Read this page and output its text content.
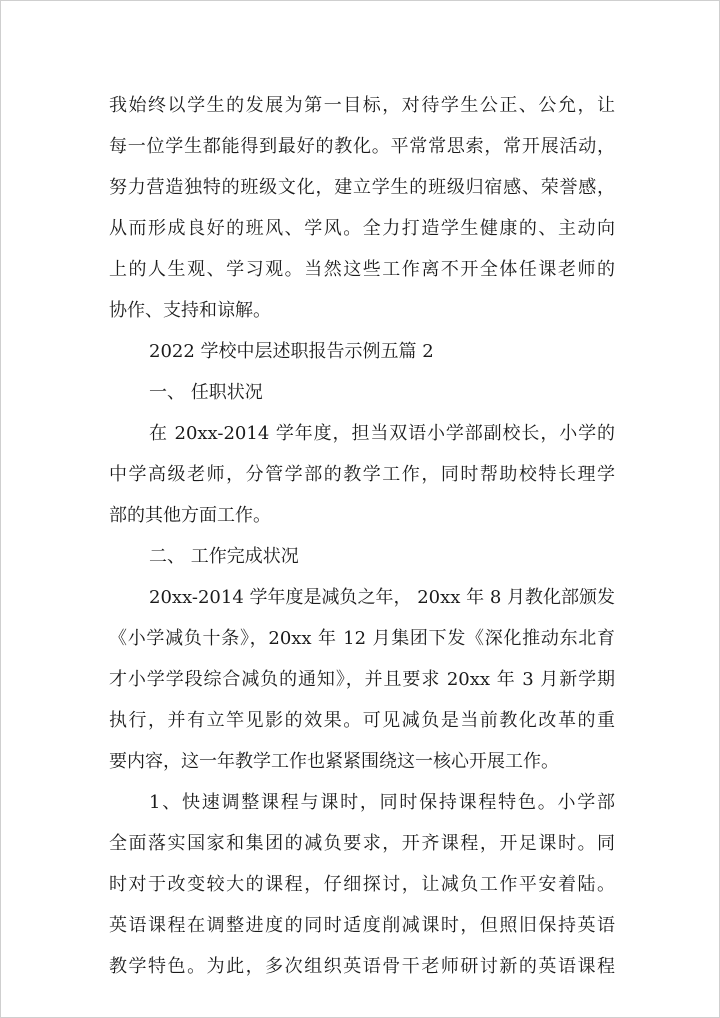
我始终以学生的发展为第一目标，对待学生公正、公允，让
每一位学生都能得到最好的教化。平常常思索，常开展活动，
努力营造独特的班级文化，建立学生的班级归宿感、荣誉感，
从而形成良好的班风、学风。全力打造学生健康的、主动向
上的人生观、学习观。当然这些工作离不开全体任课老师的
协作、支持和谅解。
2022 学校中层述职报告示例五篇 2
一、 任职状况
在 20xx-2014 学年度，担当双语小学部副校长，小学的
中学高级老师，分管学部的教学工作，同时帮助校特长理学
部的其他方面工作。
二、 工作完成状况
20xx-2014 学年度是减负之年， 20xx 年 8 月教化部颁发
《小学减负十条》，20xx 年 12 月集团下发《深化推动东北育
才小学学段综合减负的通知》，并且要求 20xx 年 3 月新学期
执行，并有立竿见影的效果。可见减负是当前教化改革的重
要内容，这一年教学工作也紧紧围绕这一核心开展工作。
1、快速调整课程与课时，同时保持课程特色。小学部
全面落实国家和集团的减负要求，开齐课程，开足课时。同
时对于改变较大的课程，仔细探讨，让减负工作平安着陆。
英语课程在调整进度的同时适度削减课时，但照旧保持英语
教学特色。为此，多次组织英语骨干老师研讨新的英语课程
